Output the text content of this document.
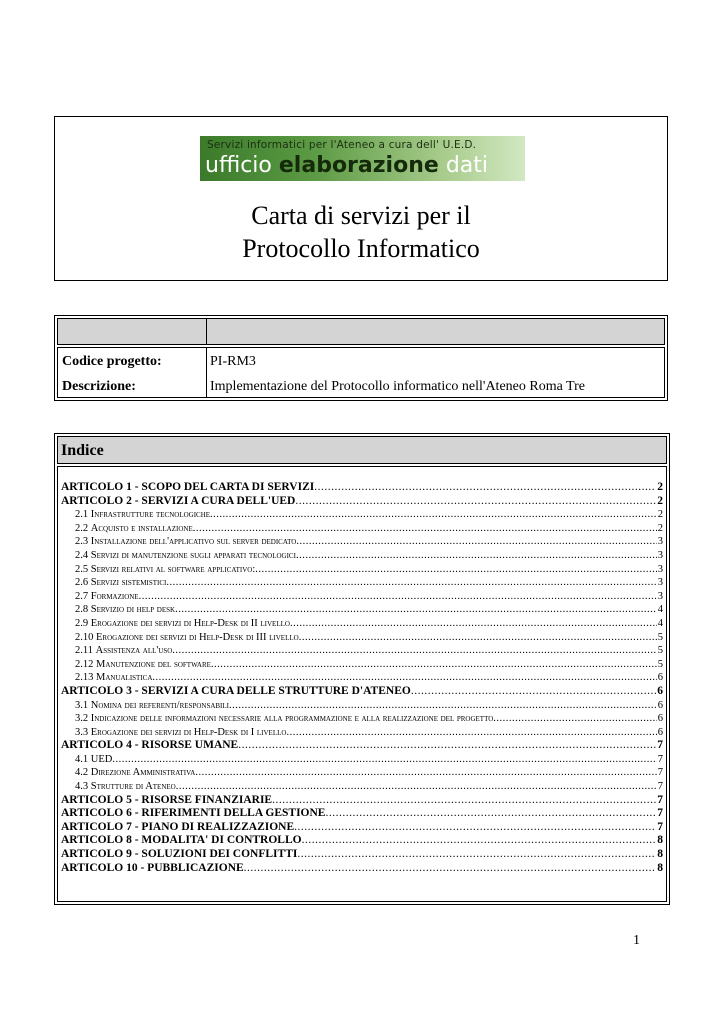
Servizi informatici per l'Ateneo a cura dell' U.E.D.
ufficio elaborazione dati
Carta di servizi per il
Protocollo Informatico
Codice progetto:	PI-RM3
Descrizione:	Implementazione del Protocollo informatico nell'Ateneo Roma Tre
Indice
ARTICOLO 1 - SCOPO DEL CARTA DI SERVIZI .....	2
ARTICOLO 2 - SERVIZI A CURA DELL'UED .....	2
2.1 Infrastrutture tecnologiche .....	2
2.2 Acquisto e installazione .....	2
2.3 Installazione dell'applicativo sul server dedicato .....	3
2.4 Servizi di manutenzione sugli apparati tecnologici .....	3
2.5 Servizi relativi al software applicativo: .....	3
2.6 Servizi sistemistici .....	3
2.7 Formazione .....	3
2.8 Servizio di help desk .....	4
2.9 Erogazione dei servizi di Help-Desk di II livello .....	4
2.10 Erogazione dei servizi di Help-Desk di III livello .....	5
2.11 Assistenza all'uso .....	5
2.12 Manutenzione del software .....	5
2.13 Manualistica .....	6
ARTICOLO 3 - SERVIZI A CURA DELLE STRUTTURE D'ATENEO .....	6
3.1 Nomina dei referenti/responsabili .....	6
3.2 Indicazione delle informazioni necessarie alla programmazione e alla realizzazione del progetto .....	6
3.3 Erogazione dei servizi di Help-Desk di I livello .....	6
ARTICOLO 4 - RISORSE UMANE .....	7
4.1 UED .....	7
4.2 Direzione Amministrativa .....	7
4.3 Strutture di Ateneo .....	7
ARTICOLO 5 - RISORSE FINANZIARIE .....	7
ARTICOLO 6 - RIFERIMENTI DELLA GESTIONE .....	7
ARTICOLO 7 - PIANO DI REALIZZAZIONE .....	7
ARTICOLO 8 - MODALITA' DI CONTROLLO .....	8
ARTICOLO 9 - SOLUZIONI DEI CONFLITTI .....	8
ARTICOLO 10 - PUBBLICAZIONE .....	8
1
